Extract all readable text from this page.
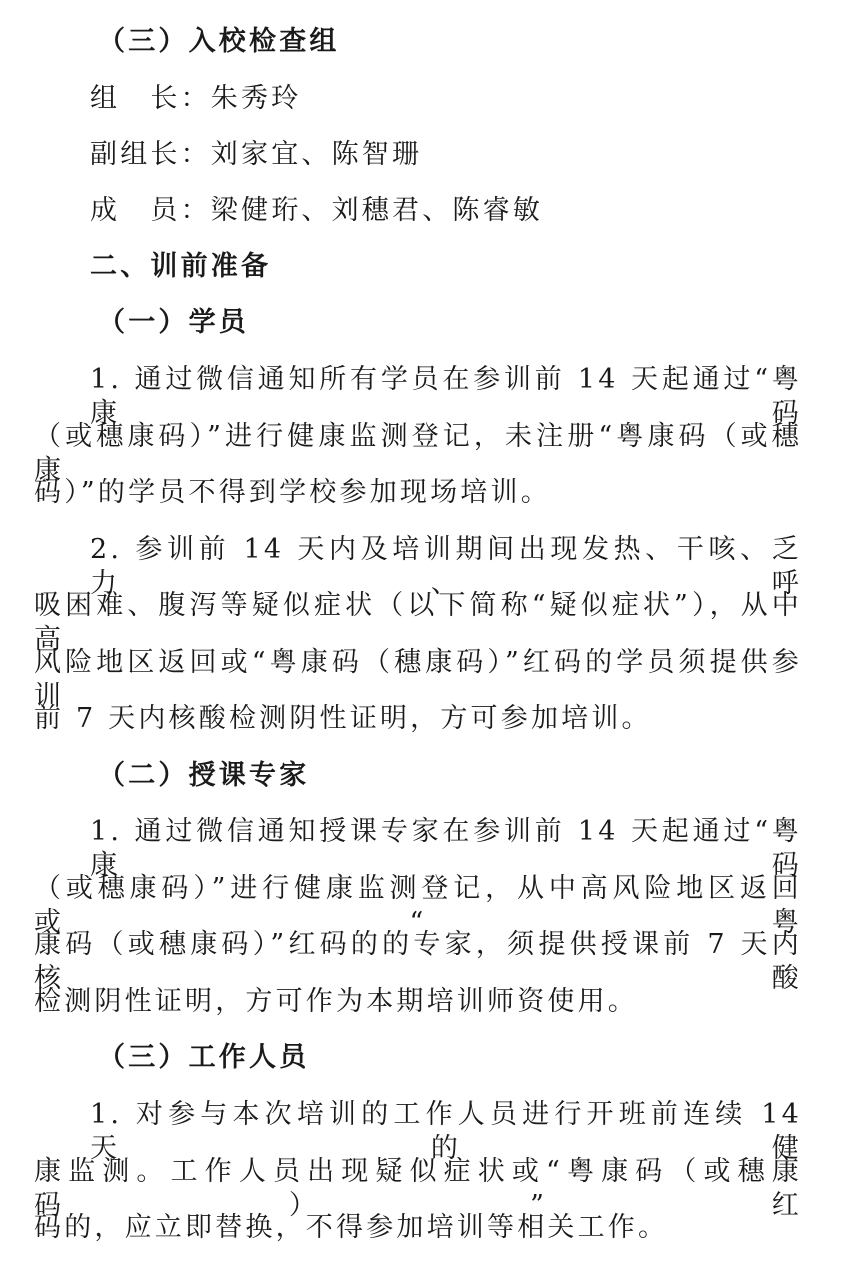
（三）入校检查组
组　长：朱秀玲
副组长：刘家宜、陈智珊
成　员：梁健珩、刘穗君、陈睿敏
二、训前准备
（一）学员
1. 通过微信通知所有学员在参训前 14 天起通过“粤康码
（或穗康码）”进行健康监测登记，未注册“粤康码（或穗康
码）”的学员不得到学校参加现场培训。
2. 参训前 14 天内及培训期间出现发热、干咳、乏力、呼
吸困难、腹泻等疑似症状（以下简称“疑似症状”），从中高
风险地区返回或“粤康码（穗康码）”红码的学员须提供参训
前 7 天内核酸检测阴性证明，方可参加培训。
（二）授课专家
1. 通过微信通知授课专家在参训前 14 天起通过“粤康码
（或穗康码）”进行健康监测登记，从中高风险地区返回或“粤
康码（或穗康码）”红码的的专家，须提供授课前 7 天内核酸
检测阴性证明，方可作为本期培训师资使用。
（三）工作人员
1. 对参与本次培训的工作人员进行开班前连续 14 天的健
康监测。工作人员出现疑似症状或“粤康码（或穗康码）”红
码的，应立即替换，不得参加培训等相关工作。
